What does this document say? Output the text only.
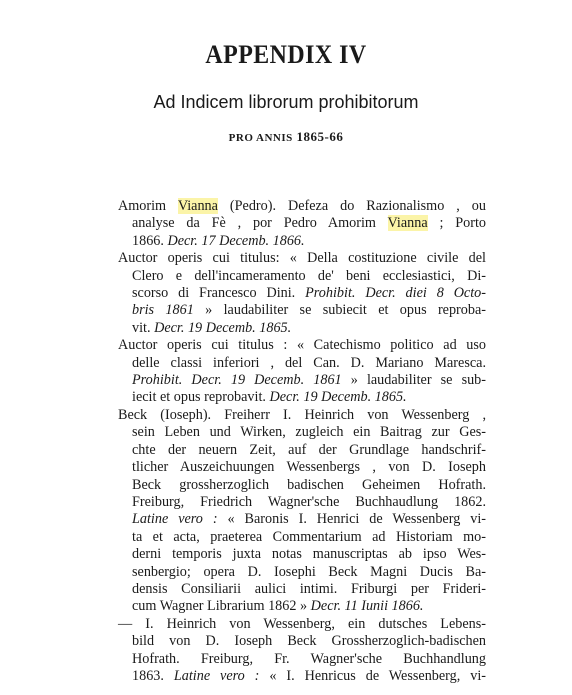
APPENDIX IV
Ad Indicem librorum prohibitorum
PRO ANNIS 1865-66
Amorim Vianna (Pedro). Defeza do Razionalismo , ou
analyse da Fè , por Pedro Amorim Vianna ; Porto
1866. Decr. 17 Decemb. 1866.
Auctor operis cui titulus: « Della costituzione civile del
Clero e dell'incameramento de' beni ecclesiastici, Di-
scorso di Francesco Dini. Prohibit. Decr. diei 8 Octo-
bris 1861 » laudabiliter se subiecit et opus reproba-
vit. Decr. 19 Decemb. 1865.
Auctor operis cui titulus : « Catechismo politico ad uso
delle classi inferiori , del Can. D. Mariano Maresca.
Prohibit. Decr. 19 Decemb. 1861 » laudabiliter se sub-
iecit et opus reprobavit. Decr. 19 Decemb. 1865.
Beck (Ioseph). Freiherr I. Heinrich von Wessenberg ,
sein Leben und Wirken, zugleich ein Baitrag zur Ges-
chte der neuern Zeit, auf der Grundlage handschrif-
tlicher Auszeichuungen Wessenbergs , von D. Ioseph
Beck grossherzoglich badischen Geheimen Hofrath.
Freiburg, Friedrich Wagner'sche Buchhaudlung 1862.
Latine vero : « Baronis I. Henrici de Wessenberg vi-
ta et acta, praeterea Commentarium ad Historiam mo-
derni temporis juxta notas manuscriptas ab ipso Wes-
senbergio; opera D. Iosephi Beck Magni Ducis Ba-
densis Consiliarii aulici intimi. Friburgi per Frideri-
cum Wagner Librarium 1862 » Decr. 11 Iunii 1866.
— I. Heinrich von Wessenberg, ein dutsches Lebens-
bild von D. Ioseph Beck Grossherzoglich-badischen
Hofrath. Freiburg, Fr. Wagner'sche Buchhandlung
1863. Latine vero : « I. Henricus de Wessenberg, vi-
